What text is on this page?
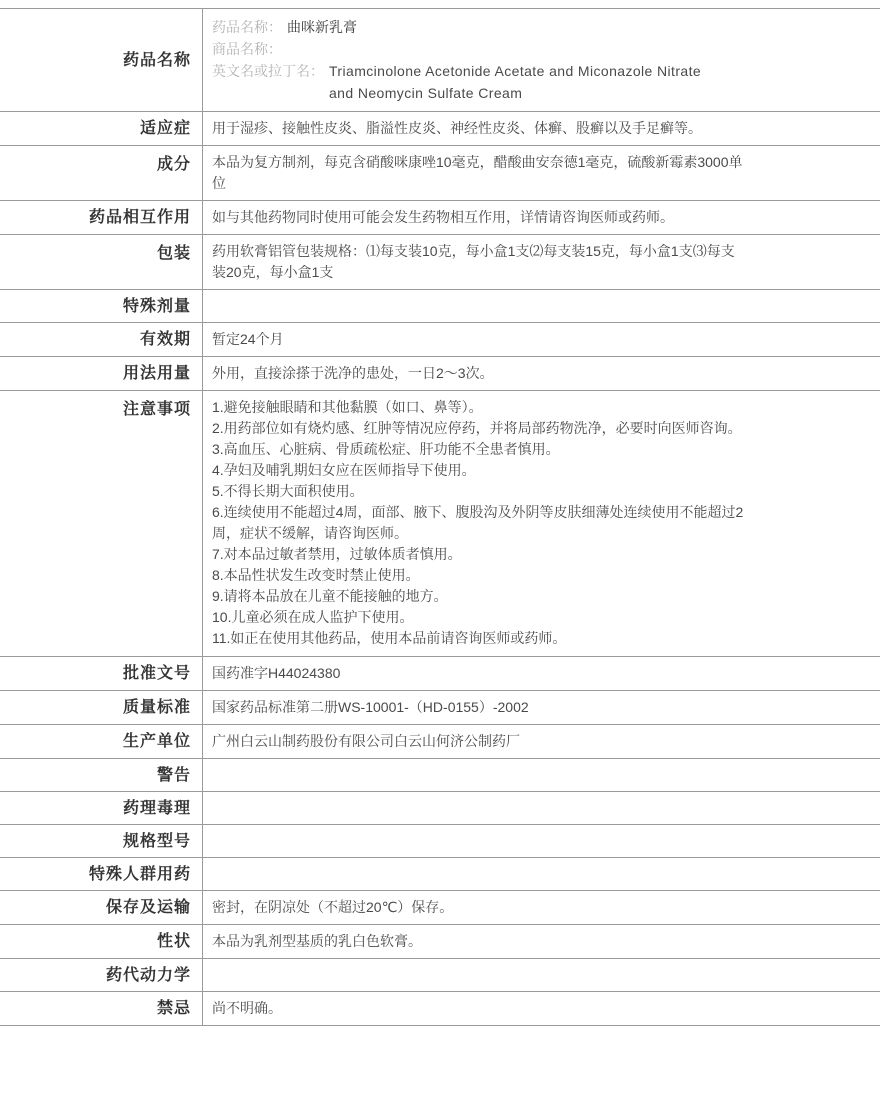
药品名称
药品名称： 曲咪新乳膏
商品名称：
英文名或拉丁名： Triamcinolone Acetonide Acetate and Miconazole Nitrate and Neomycin Sulfate Cream
适应症	用于湿疹、接触性皮炎、脂溢性皮炎、神经性皮炎、体癣、股癣以及手足癣等。
成分	本品为复方制剂，每克含硝酸咪康唑10毫克，醋酸曲安奈德1毫克，硫酸新霉素3000单位
药品相互作用	如与其他药物同时使用可能会发生药物相互作用，详情请咨询医师或药师。
包装	药用软膏铝管包装规格：⑴每支装10克，每小盒1支⑵每支装15克，每小盒1支⑶每支装20克，每小盒1支
特殊剂量
有效期	暂定24个月
用法用量	外用，直接涂搽于洗净的患处，一日2～3次。
注意事项	1.避免接触眼睛和其他黏膜（如口、鼻等）。
2.用药部位如有烧灼感、红肿等情况应停药，并将局部药物洗净，必要时向医师咨询。
3.高血压、心脏病、骨质疏松症、肝功能不全患者慎用。
4.孕妇及哺乳期妇女应在医师指导下使用。
5.不得长期大面积使用。
6.连续使用不能超过4周，面部、腋下、腹股沟及外阴等皮肤细薄处连续使用不能超过2周，症状不缓解，请咨询医师。
7.对本品过敏者禁用，过敏体质者慎用。
8.本品性状发生改变时禁止使用。
9.请将本品放在儿童不能接触的地方。
10.儿童必须在成人监护下使用。
11.如正在使用其他药品，使用本品前请咨询医师或药师。
批准文号	国药准字H44024380
质量标准	国家药品标准第二册WS-10001-（HD-0155）-2002
生产单位	广州白云山制药股份有限公司白云山何济公制药厂
警告
药理毒理
规格型号
特殊人群用药
保存及运输	密封，在阴凉处（不超过20℃）保存。
性状	本品为乳剂型基质的乳白色软膏。
药代动力学
禁忌	尚不明确。
